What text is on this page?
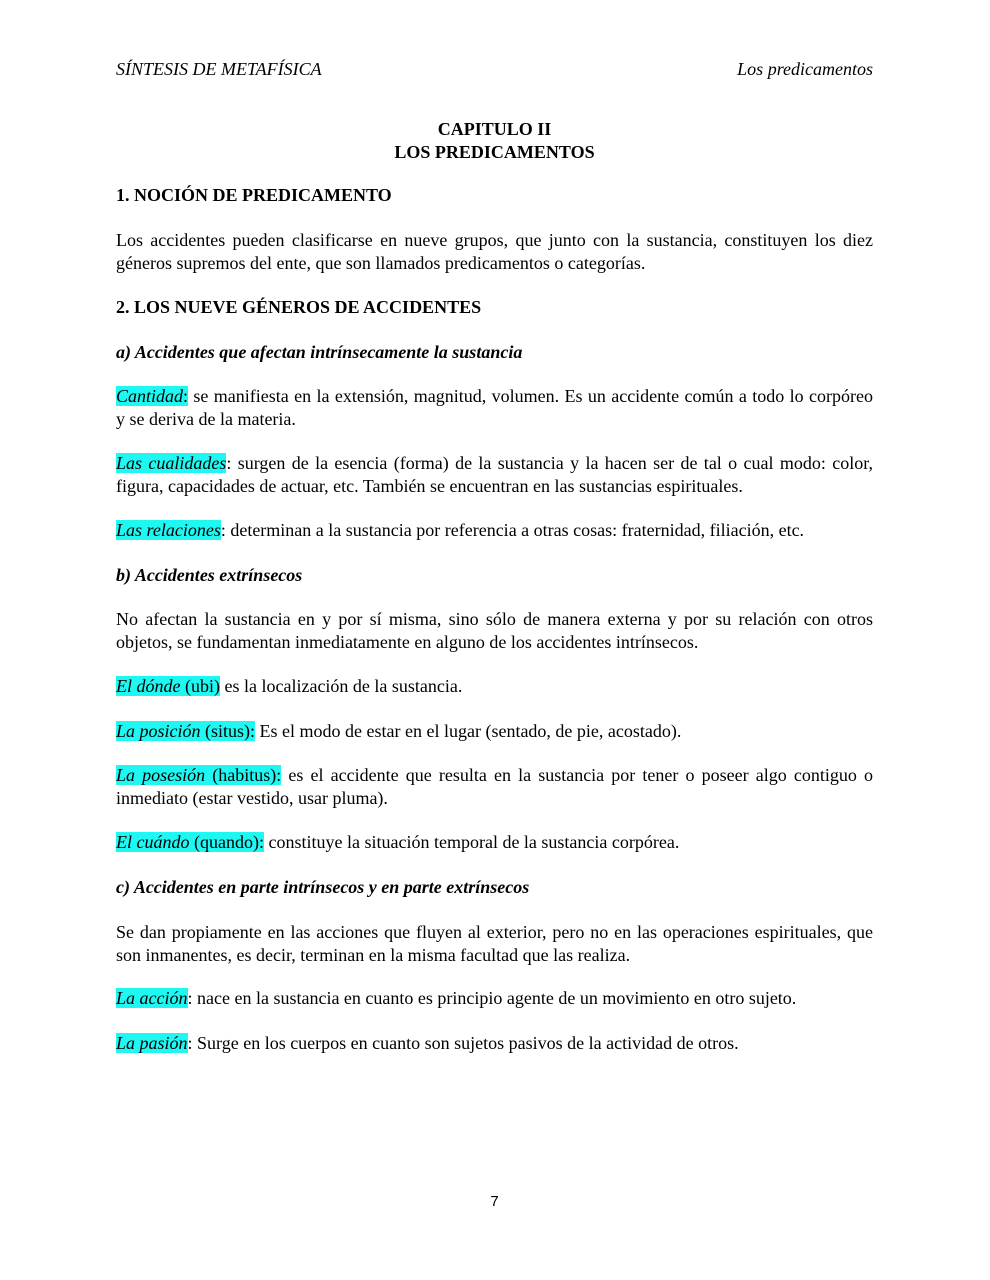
SÍNTESIS DE METAFÍSICA	Los predicamentos
CAPITULO II
LOS PREDICAMENTOS
1. NOCIÓN DE PREDICAMENTO
Los accidentes pueden clasificarse en nueve grupos, que junto con la sustancia, constituyen los diez géneros supremos del ente, que son llamados predicamentos o categorías.
2. LOS NUEVE GÉNEROS DE ACCIDENTES
a) Accidentes que afectan intrínsecamente la sustancia
Cantidad: se manifiesta en la extensión, magnitud, volumen. Es un accidente común a todo lo corpóreo y se deriva de la materia.
Las cualidades: surgen de la esencia (forma) de la sustancia y la hacen ser de tal o cual modo: color, figura, capacidades de actuar, etc. También se encuentran en las sustancias espirituales.
Las relaciones: determinan a la sustancia por referencia a otras cosas: fraternidad, filiación, etc.
b) Accidentes extrínsecos
No afectan la sustancia en y por sí misma, sino sólo de manera externa y por su relación con otros objetos, se fundamentan inmediatamente en alguno de los accidentes intrínsecos.
El dónde (ubi) es la localización de la sustancia.
La posición (situs): Es el modo de estar en el lugar (sentado, de pie, acostado).
La posesión (habitus): es el accidente que resulta en la sustancia por tener o poseer algo contiguo o inmediato (estar vestido, usar pluma).
El cuándo (quando): constituye la situación temporal de la sustancia corpórea.
c) Accidentes en parte intrínsecos y en parte extrínsecos
Se dan propiamente en las acciones que fluyen al exterior, pero no en las operaciones espirituales, que son inmanentes, es decir, terminan en la misma facultad que las realiza.
La acción: nace en la sustancia en cuanto es principio agente de un movimiento en otro sujeto.
La pasión: Surge en los cuerpos en cuanto son sujetos pasivos de la actividad de otros.
7
